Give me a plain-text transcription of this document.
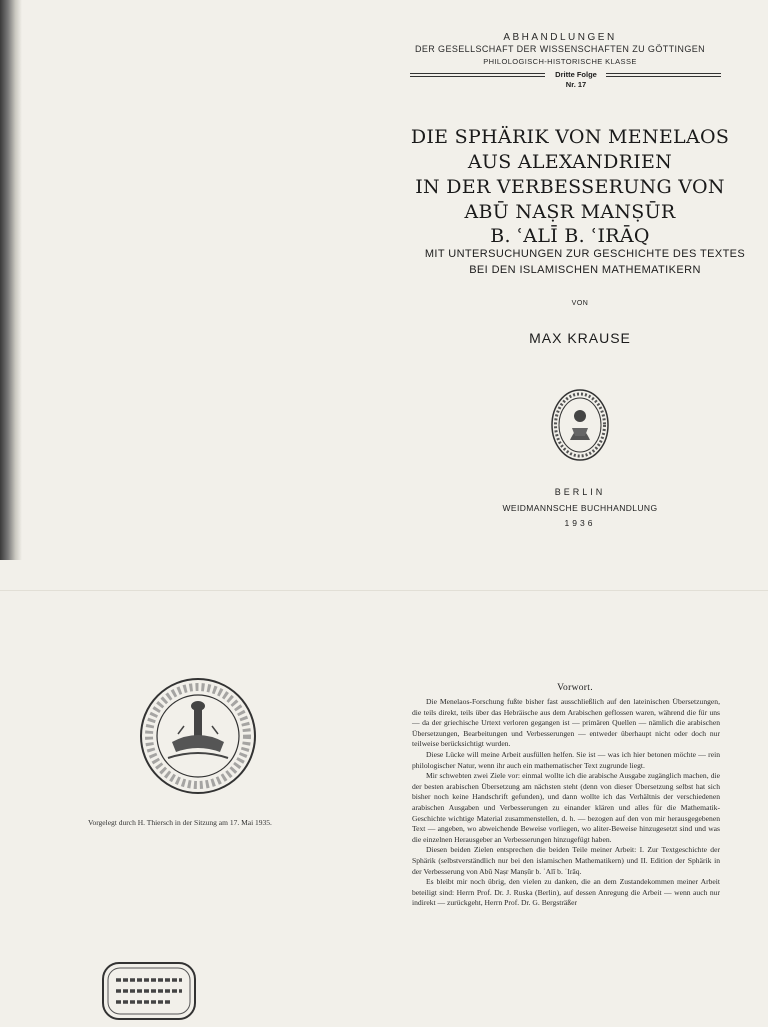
ABHANDLUNGEN
DER GESELLSCHAFT DER WISSENSCHAFTEN ZU GÖTTINGEN
PHILOLOGISCH-HISTORISCHE KLASSE
Dritte Folge
Nr. 17
DIE SPHÄRIK VON MENELAOS
AUS ALEXANDRIEN
IN DER VERBESSERUNG VON
ABŪ NAṢR MANṢŪR
B. ʿALĪ B. ʿIRĀQ
MIT UNTERSUCHUNGEN ZUR GESCHICHTE DES TEXTES
BEI DEN ISLAMISCHEN MATHEMATIKERN
VON
MAX KRAUSE
BERLIN
WEIDMANNSCHE BUCHHANDLUNG
1936
Vorgelegt durch H. Thiersch in der Sitzung am 17. Mai 1935.
Vorwort.

Die Menelaos-Forschung fußte bisher fast ausschließlich auf den lateinischen Übersetzungen, die teils direkt, teils über das Hebräische aus dem Arabischen geflossen waren, während die für uns — da der griechische Urtext verloren gegangen ist — primären Quellen — nämlich die arabischen Übersetzungen, Bearbeitungen und Verbesserungen — entweder überhaupt nicht oder doch nur teilweise berücksichtigt wurden.

Diese Lücke will meine Arbeit ausfüllen helfen. Sie ist — was ich hier betonen möchte — rein philologischer Natur, wenn ihr auch ein mathematischer Text zugrunde liegt.

Mir schwebten zwei Ziele vor: einmal wollte ich die arabische Ausgabe zugänglich machen, die der besten arabischen Übersetzung am nächsten steht (denn von dieser Übersetzung selbst hat sich bisher noch keine Handschrift gefunden), und dann wollte ich das Verhältnis der verschiedenen arabischen Ausgaben und Verbesserungen zu einander klären und alles für die Mathematik-Geschichte wichtige Material zusammenstellen, d. h. — bezogen auf den von mir herausgegebenen Text — angeben, wo abweichende Beweise vorliegen, wo aliter-Beweise hinzugesetzt sind und was die einzelnen Herausgeber an Verbesserungen hinzugefügt haben.

Diesen beiden Zielen entsprechen die beiden Teile meiner Arbeit: I. Zur Textgeschichte der Sphärik (selbstverständlich nur bei den islamischen Mathematikern) und II. Edition der Sphärik in der Verbesserung von Abū Naṣr Manṣūr b. ʿAlī b. ʿIrāq.

Es bleibt mir noch übrig, den vielen zu danken, die an dem Zustandekommen meiner Arbeit beteiligt sind: Herrn Prof. Dr. J. Ruska (Berlin), auf dessen Anregung die Arbeit — wenn auch nur indirekt — zurückgeht, Herrn Prof. Dr. G. Bergsträßer
